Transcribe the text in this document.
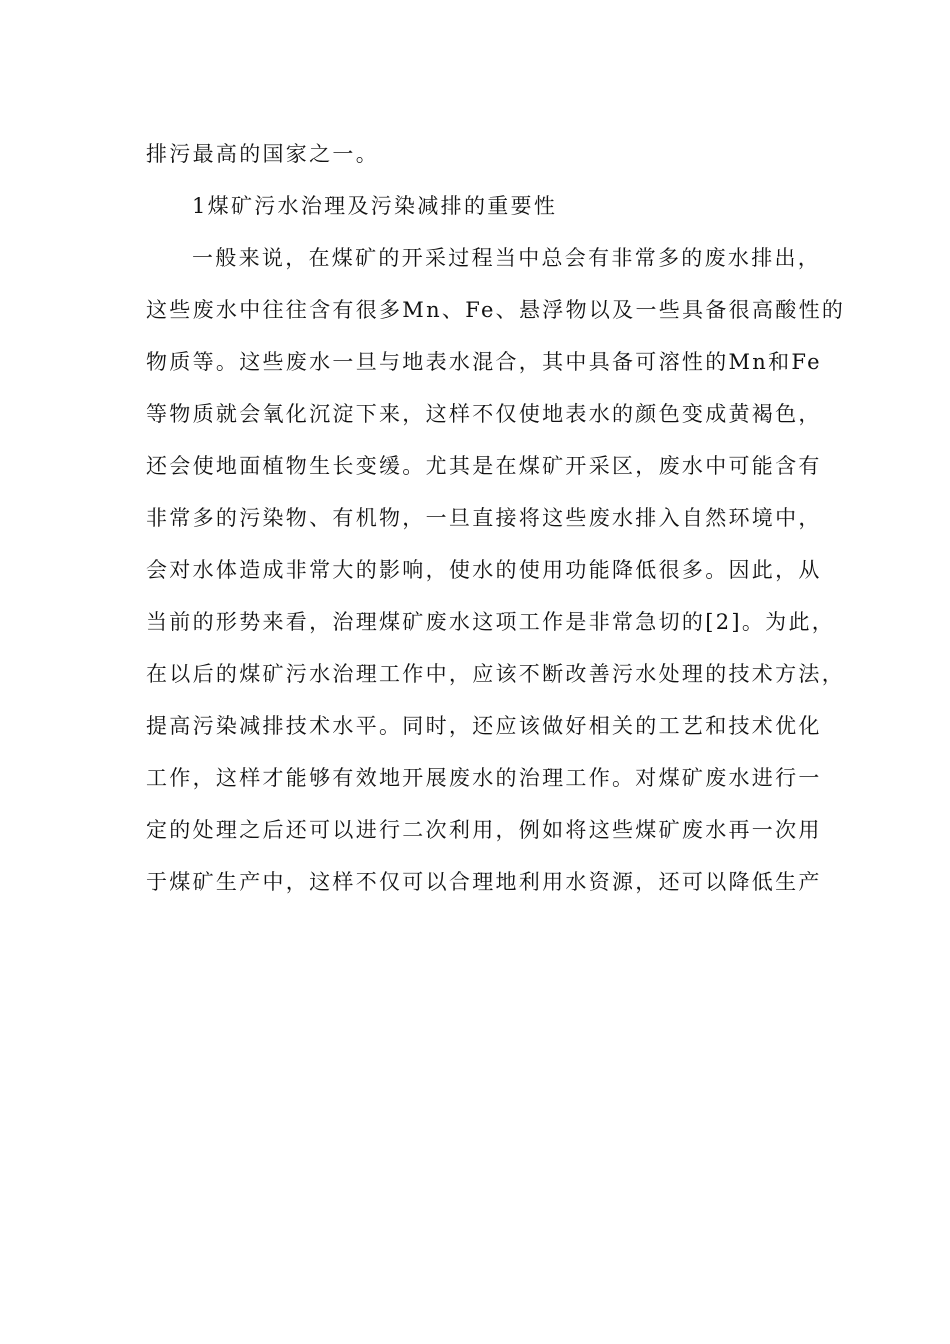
排污最高的国家之一。

1煤矿污水治理及污染减排的重要性

一般来说，在煤矿的开采过程当中总会有非常多的废水排出，

这些废水中往往含有很多Mn、Fe、悬浮物以及一些具备很高酸性的

物质等。这些废水一旦与地表水混合，其中具备可溶性的Mn和Fe

等物质就会氧化沉淀下来，这样不仅使地表水的颜色变成黄褐色，

还会使地面植物生长变缓。尤其是在煤矿开采区，废水中可能含有

非常多的污染物、有机物，一旦直接将这些废水排入自然环境中，

会对水体造成非常大的影响，使水的使用功能降低很多。因此，从

当前的形势来看，治理煤矿废水这项工作是非常急切的[2]。为此，

在以后的煤矿污水治理工作中，应该不断改善污水处理的技术方法，

提高污染减排技术水平。同时，还应该做好相关的工艺和技术优化

工作，这样才能够有效地开展废水的治理工作。对煤矿废水进行一

定的处理之后还可以进行二次利用，例如将这些煤矿废水再一次用

于煤矿生产中，这样不仅可以合理地利用水资源，还可以降低生产
